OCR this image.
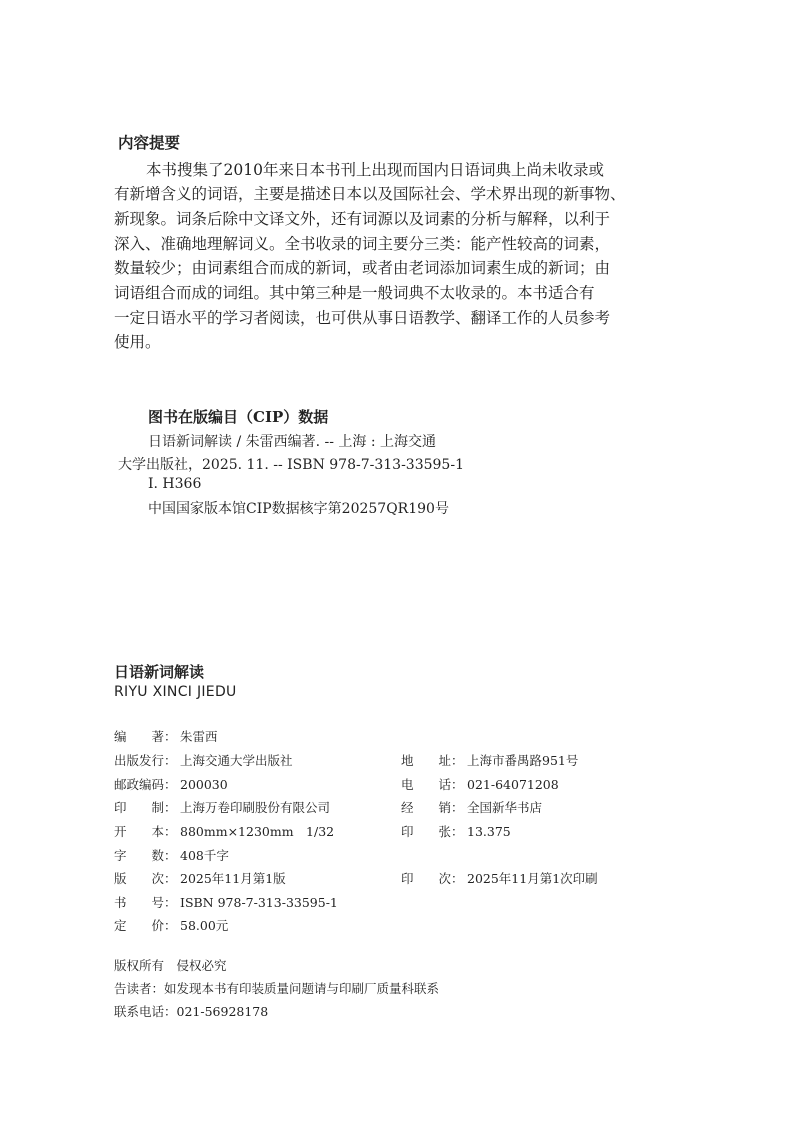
内容提要
本书搜集了2010年来日本书刊上出现而国内日语词典上尚未收录或
有新增含义的词语，主要是描述日本以及国际社会、学术界出现的新事物、
新现象。词条后除中文译文外，还有词源以及词素的分析与解释，以利于
深入、准确地理解词义。全书收录的词主要分三类：能产性较高的词素，
数量较少；由词素组合而成的新词，或者由老词添加词素生成的新词；由
词语组合而成的词组。其中第三种是一般词典不太收录的。本书适合有
一定日语水平的学习者阅读，也可供从事日语教学、翻译工作的人员参考
使用。
图书在版编目（CIP）数据
日语新词解读 / 朱雷西编著. -- 上海 : 上海交通
大学出版社，2025. 11. -- ISBN 978-7-313-33595-1
Ⅰ. H366
中国国家版本馆CIP数据核字第20257QR190号
日语新词解读
RIYU XINCI JIEDU
编　　著： 朱雷西
出版发行： 上海交通大学出版社
邮政编码： 200030
印　　制： 上海万卷印刷股份有限公司
开　　本： 880mm×1230mm　1/32
字　　数： 408千字
版　　次： 2025年11月第1版
书　　号： ISBN 978-7-313-33595-1
定　　价： 58.00元
地　　址： 上海市番禺路951号
电　　话： 021-64071208
经　　销： 全国新华书店
印　　张： 13.375
印　　次： 2025年11月第1次印刷
版权所有　侵权必究
告读者：如发现本书有印装质量问题请与印刷厂质量科联系
联系电话：021-56928178
